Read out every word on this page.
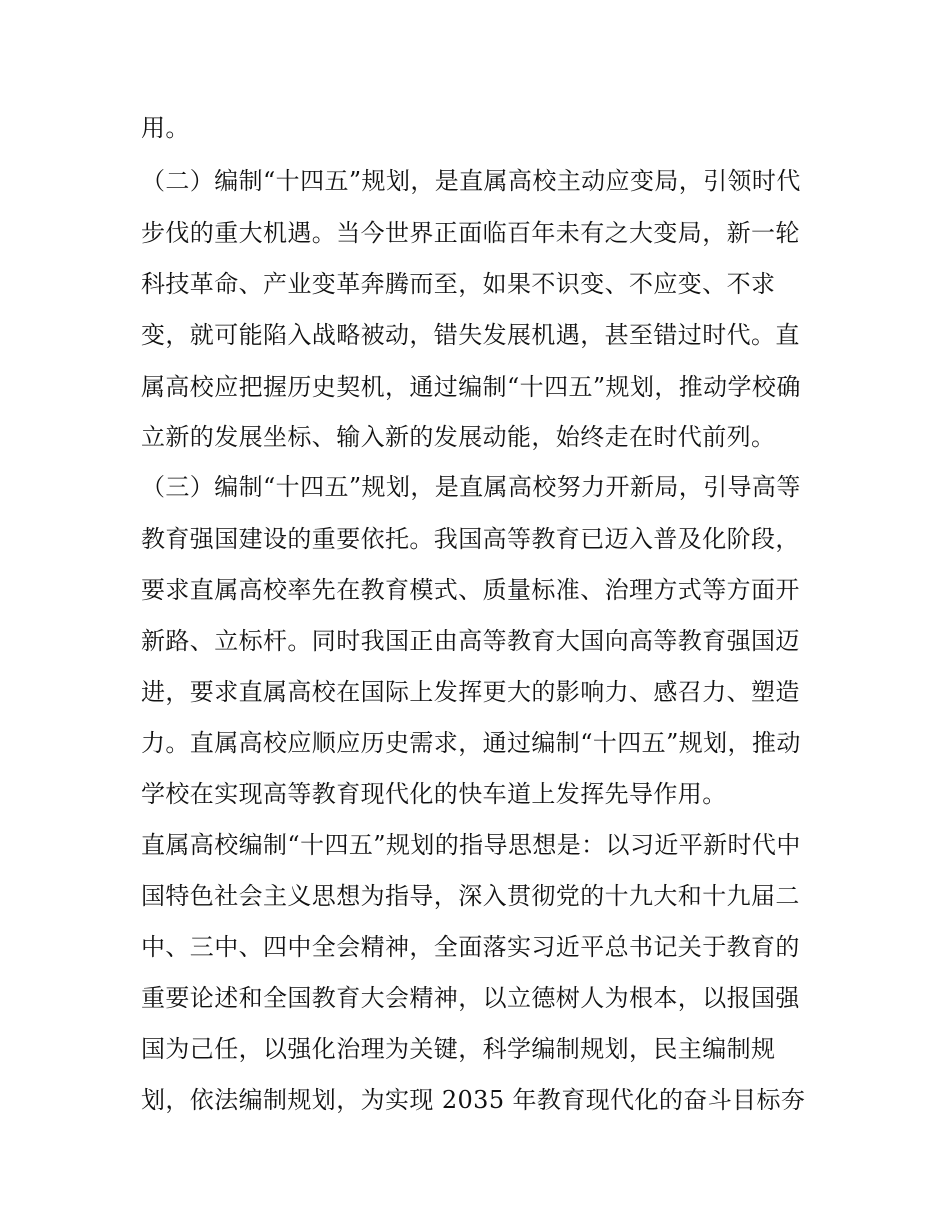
用。
（二）编制“十四五”规划，是直属高校主动应变局，引领时代
步伐的重大机遇。当今世界正面临百年未有之大变局，新一轮
科技革命、产业变革奔腾而至，如果不识变、不应变、不求
变，就可能陷入战略被动，错失发展机遇，甚至错过时代。直
属高校应把握历史契机，通过编制“十四五”规划，推动学校确
立新的发展坐标、输入新的发展动能，始终走在时代前列。
（三）编制“十四五”规划，是直属高校努力开新局，引导高等
教育强国建设的重要依托。我国高等教育已迈入普及化阶段，
要求直属高校率先在教育模式、质量标准、治理方式等方面开
新路、立标杆。同时我国正由高等教育大国向高等教育强国迈
进，要求直属高校在国际上发挥更大的影响力、感召力、塑造
力。直属高校应顺应历史需求，通过编制“十四五”规划，推动
学校在实现高等教育现代化的快车道上发挥先导作用。
直属高校编制“十四五”规划的指导思想是：以习近平新时代中
国特色社会主义思想为指导，深入贯彻党的十九大和十九届二
中、三中、四中全会精神，全面落实习近平总书记关于教育的
重要论述和全国教育大会精神，以立德树人为根本，以报国强
国为己任，以强化治理为关键，科学编制规划，民主编制规
划，依法编制规划，为实现 2035 年教育现代化的奋斗目标夯
